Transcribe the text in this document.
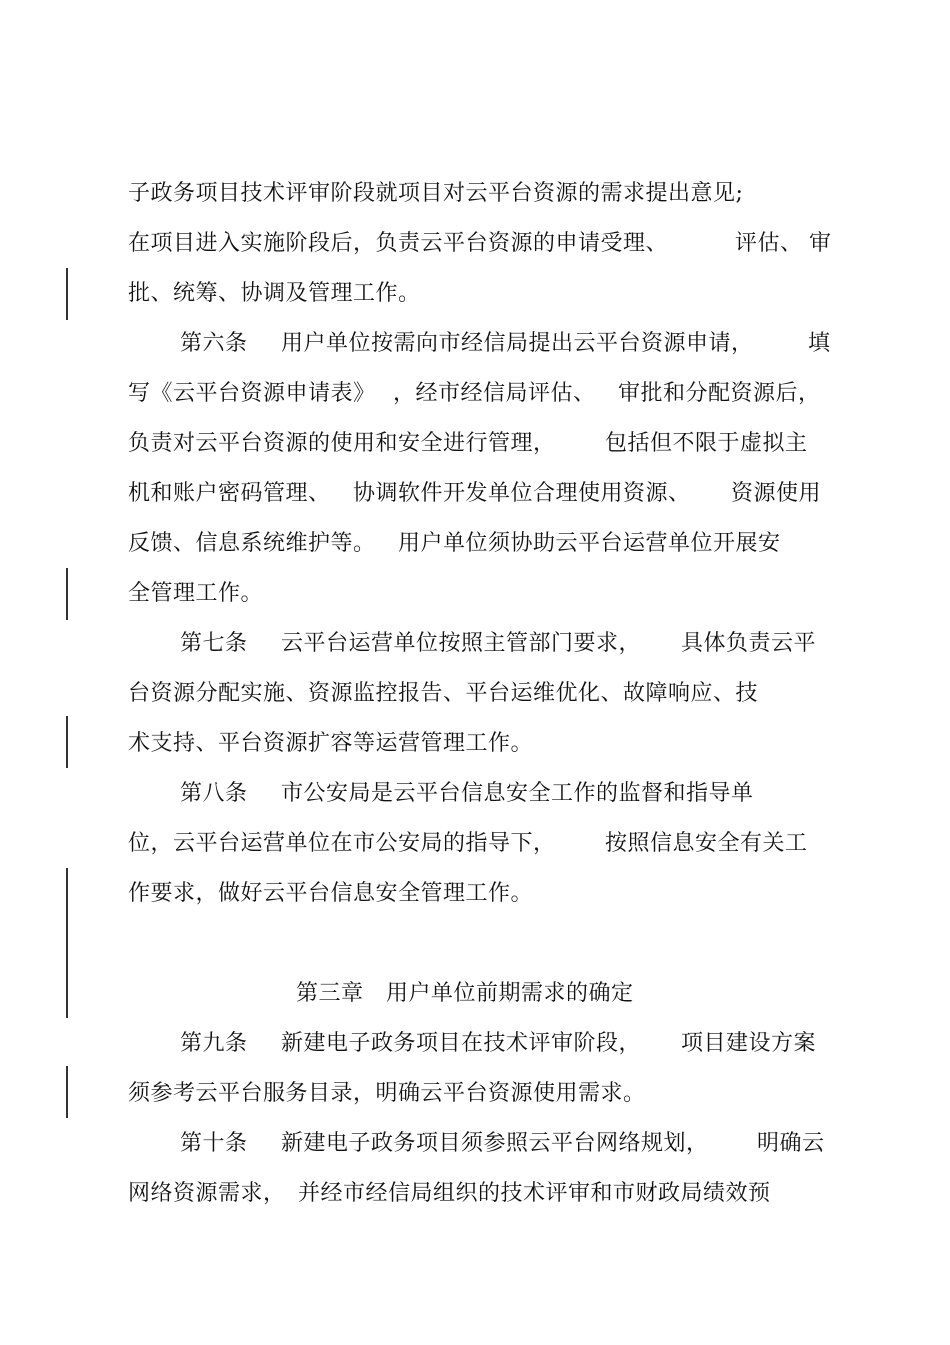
子政务项目技术评审阶段就项目对云平台资源的需求提出意见;
在项目进入实施阶段后，负责云平台资源的申请受理、	评估、 审
批、统筹、协调及管理工作。
第六条 用户单位按需向市经信局提出云平台资源申请， 填
写《云平台资源申请表》 ，经市经信局评估、 审批和分配资源后，
负责对云平台资源的使用和安全进行管理， 包括但不限于虚拟主
机和账户密码管理、 协调软件开发单位合理使用资源、 资源使用
反馈、信息系统维护等。 用户单位须协助云平台运营单位开展安
全管理工作。
第七条 云平台运营单位按照主管部门要求， 具体负责云平
台资源分配实施、资源监控报告、平台运维优化、故障响应、技
术支持、平台资源扩容等运营管理工作。
第八条 市公安局是云平台信息安全工作的监督和指导单
位，云平台运营单位在市公安局的指导下， 按照信息安全有关工
作要求，做好云平台信息安全管理工作。
第三章　用户单位前期需求的确定
第九条 新建电子政务项目在技术评审阶段， 项目建设方案
须参考云平台服务目录，明确云平台资源使用需求。
第十条 新建电子政务项目须参照云平台网络规划， 明确云
网络资源需求， 并经市经信局组织的技术评审和市财政局绩效预
